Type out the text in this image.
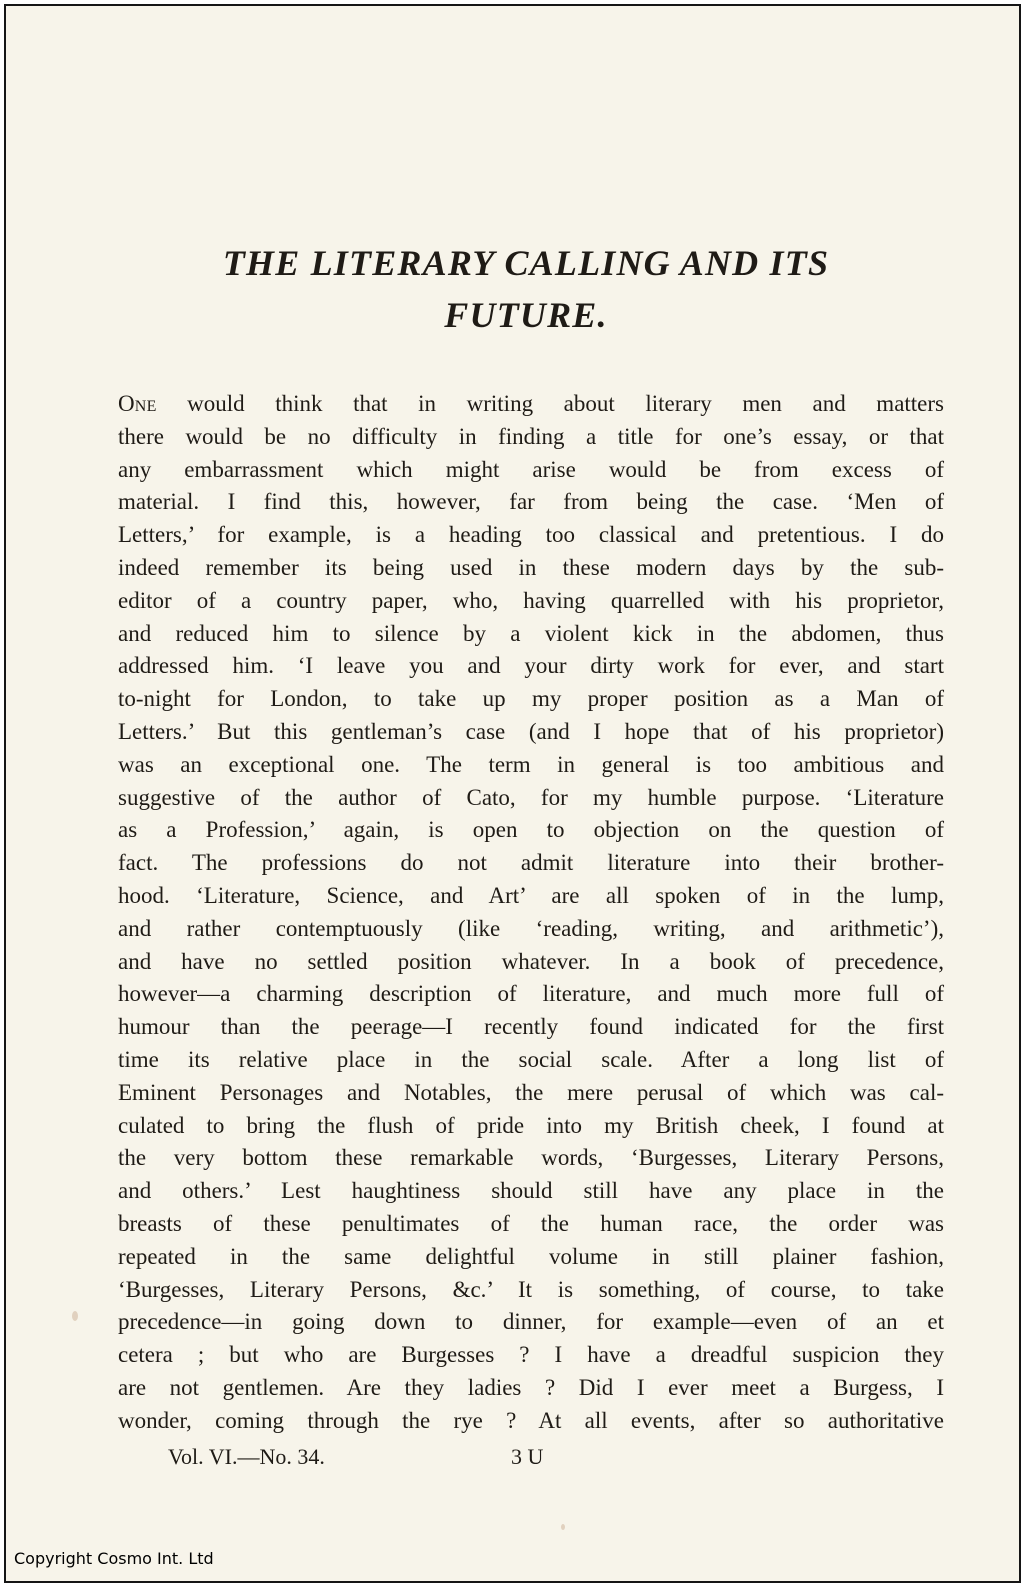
THE LITERARY CALLING AND ITS
FUTURE.
One would think that in writing about literary men and matters
there would be no difficulty in finding a title for one’s essay, or that
any embarrassment which might arise would be from excess of
material. I find this, however, far from being the case. ‘Men of
Letters,’ for example, is a heading too classical and pretentious. I do
indeed remember its being used in these modern days by the sub-
editor of a country paper, who, having quarrelled with his proprietor,
and reduced him to silence by a violent kick in the abdomen, thus
addressed him. ‘I leave you and your dirty work for ever, and start
to-night for London, to take up my proper position as a Man of
Letters.’ But this gentleman’s case (and I hope that of his proprietor)
was an exceptional one. The term in general is too ambitious and
suggestive of the author of Cato, for my humble purpose. ‘Literature
as a Profession,’ again, is open to objection on the question of
fact. The professions do not admit literature into their brother-
hood. ‘Literature, Science, and Art’ are all spoken of in the lump,
and rather contemptuously (like ‘reading, writing, and arithmetic’),
and have no settled position whatever. In a book of precedence,
however—a charming description of literature, and much more full of
humour than the peerage—I recently found indicated for the first
time its relative place in the social scale. After a long list of
Eminent Personages and Notables, the mere perusal of which was cal-
culated to bring the flush of pride into my British cheek, I found at
the very bottom these remarkable words, ‘Burgesses, Literary Persons,
and others.’ Lest haughtiness should still have any place in the
breasts of these penultimates of the human race, the order was
repeated in the same delightful volume in still plainer fashion,
‘Burgesses, Literary Persons, &c.’ It is something, of course, to take
precedence—in going down to dinner, for example—even of an et
cetera ; but who are Burgesses ? I have a dreadful suspicion they
are not gentlemen. Are they ladies ? Did I ever meet a Burgess, I
wonder, coming through the rye ? At all events, after so authoritative
Vol. VI.—No. 34.	3 U
Copyright Cosmo Int. Ltd
